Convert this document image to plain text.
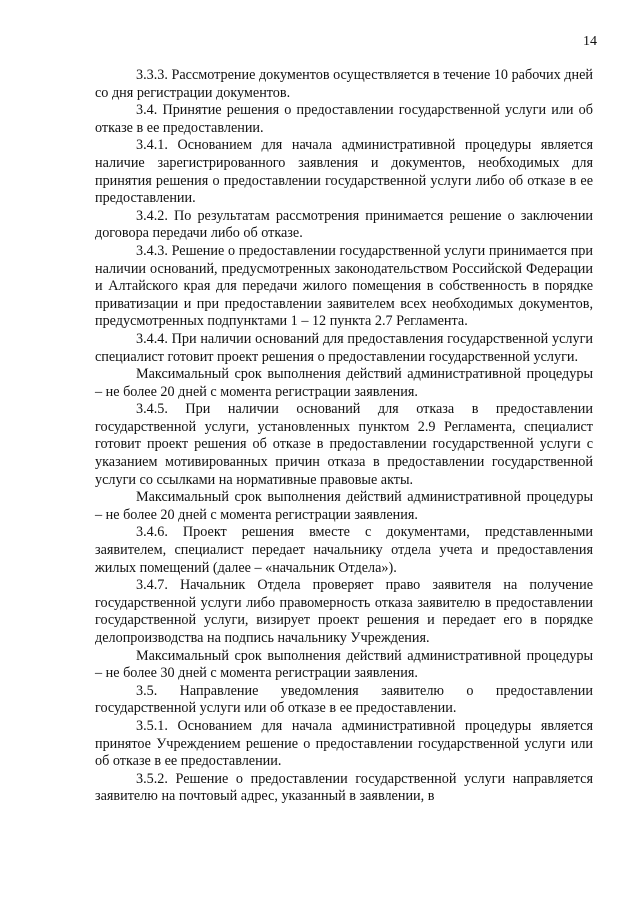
14

3.3.3. Рассмотрение документов осуществляется в течение 10 рабочих дней со дня регистрации документов.

3.4. Принятие решения о предоставлении государственной услуги или об отказе в ее предоставлении.

3.4.1. Основанием для начала административной процедуры является наличие зарегистрированного заявления и документов, необходимых для принятия решения о предоставлении государственной услуги либо об отказе в ее предоставлении.

3.4.2. По результатам рассмотрения принимается решение о заключении договора передачи либо об отказе.

3.4.3. Решение о предоставлении государственной услуги принимается при наличии оснований, предусмотренных законодательством Российской Федерации и Алтайского края для передачи жилого помещения в собственность в порядке приватизации и при предоставлении заявителем всех необходимых документов, предусмотренных подпунктами 1 – 12 пункта 2.7 Регламента.

3.4.4. При наличии оснований для предоставления государственной услуги специалист готовит проект решения о предоставлении государственной услуги.

Максимальный срок выполнения действий административной процедуры – не более 20 дней с момента регистрации заявления.

3.4.5. При наличии оснований для отказа в предоставлении государственной услуги, установленных пунктом 2.9 Регламента, специалист готовит проект решения об отказе в предоставлении государственной услуги с указанием мотивированных причин отказа в предоставлении государственной услуги со ссылками на нормативные правовые акты.

Максимальный срок выполнения действий административной процедуры – не более 20 дней с момента регистрации заявления.

3.4.6. Проект решения вместе с документами, представленными заявителем, специалист передает начальнику отдела учета и предоставления жилых помещений (далее – «начальник Отдела»).

3.4.7. Начальник Отдела проверяет право заявителя на получение государственной услуги либо правомерность отказа заявителю в предоставлении государственной услуги, визирует проект решения и передает его в порядке делопроизводства на подпись начальнику Учреждения.

Максимальный срок выполнения действий административной процедуры – не более 30 дней с момента регистрации заявления.

3.5. Направление уведомления заявителю о предоставлении государственной услуги или об отказе в ее предоставлении.

3.5.1. Основанием для начала административной процедуры является принятое Учреждением решение о предоставлении государственной услуги или об отказе в ее предоставлении.

3.5.2. Решение о предоставлении государственной услуги направляется заявителю на почтовый адрес, указанный в заявлении, в
